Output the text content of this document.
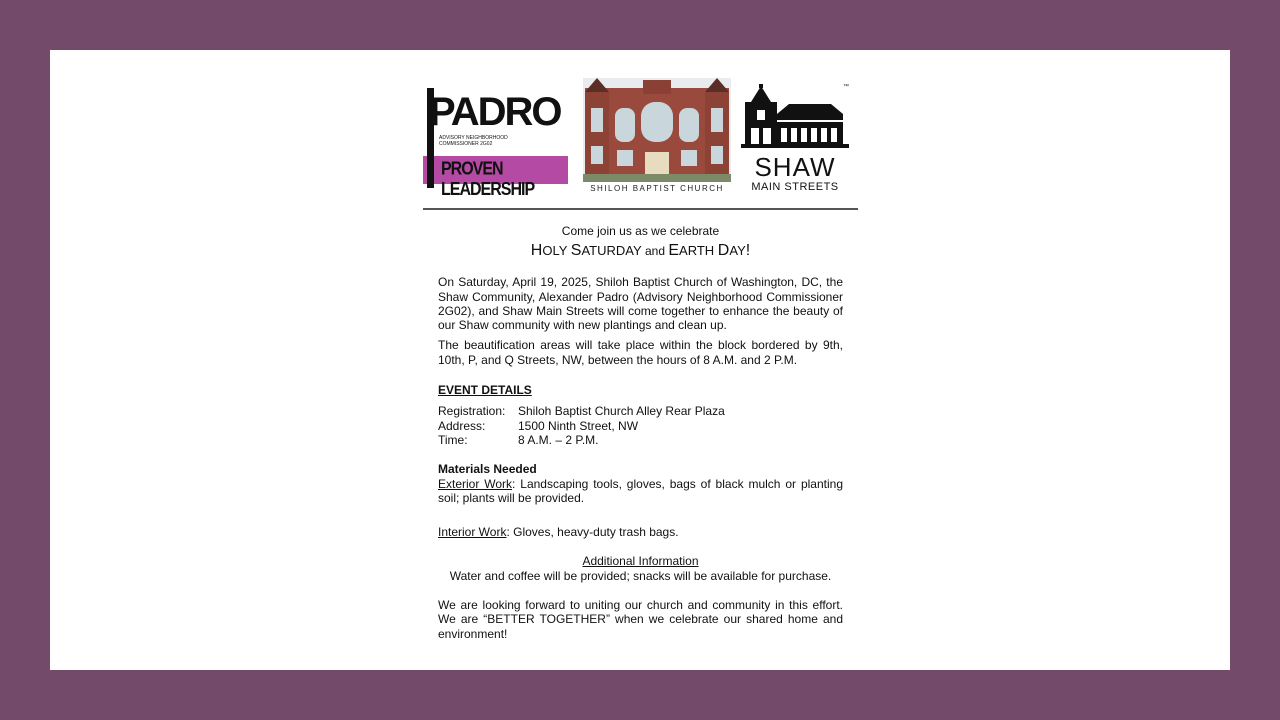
PADRO
ADVISORY NEIGHBORHOOD COMMISSIONER 2G02
PROVEN LEADERSHIP	SHILOH BAPTIST CHURCH
™
SHAW
MAIN STREETS
Come join us as we celebrate
HOLY SATURDAY and EARTH DAY!

On Saturday, April 19, 2025, Shiloh Baptist Church of Washington, DC, the Shaw Community, Alexander Padro (Advisory Neighborhood Commissioner 2G02), and Shaw Main Streets will come together to enhance the beauty of our Shaw community with new plantings and clean up.

The beautification areas will take place within the block bordered by 9th, 10th, P, and Q Streets, NW, between the hours of 8 A.M. and 2 P.M.

EVENT DETAILS
Registration:	Shiloh Baptist Church Alley Rear Plaza
Address:	1500 Ninth Street, NW
Time:	8 A.M. – 2 P.M.
Materials Needed

Exterior Work: Landscaping tools, gloves, bags of black mulch or planting soil; plants will be provided.

Interior Work: Gloves, heavy-duty trash bags.

Additional Information
Water and coffee will be provided; snacks will be available for purchase.

We are looking forward to uniting our church and community in this effort. We are “BETTER TOGETHER” when we celebrate our shared home and environment!
